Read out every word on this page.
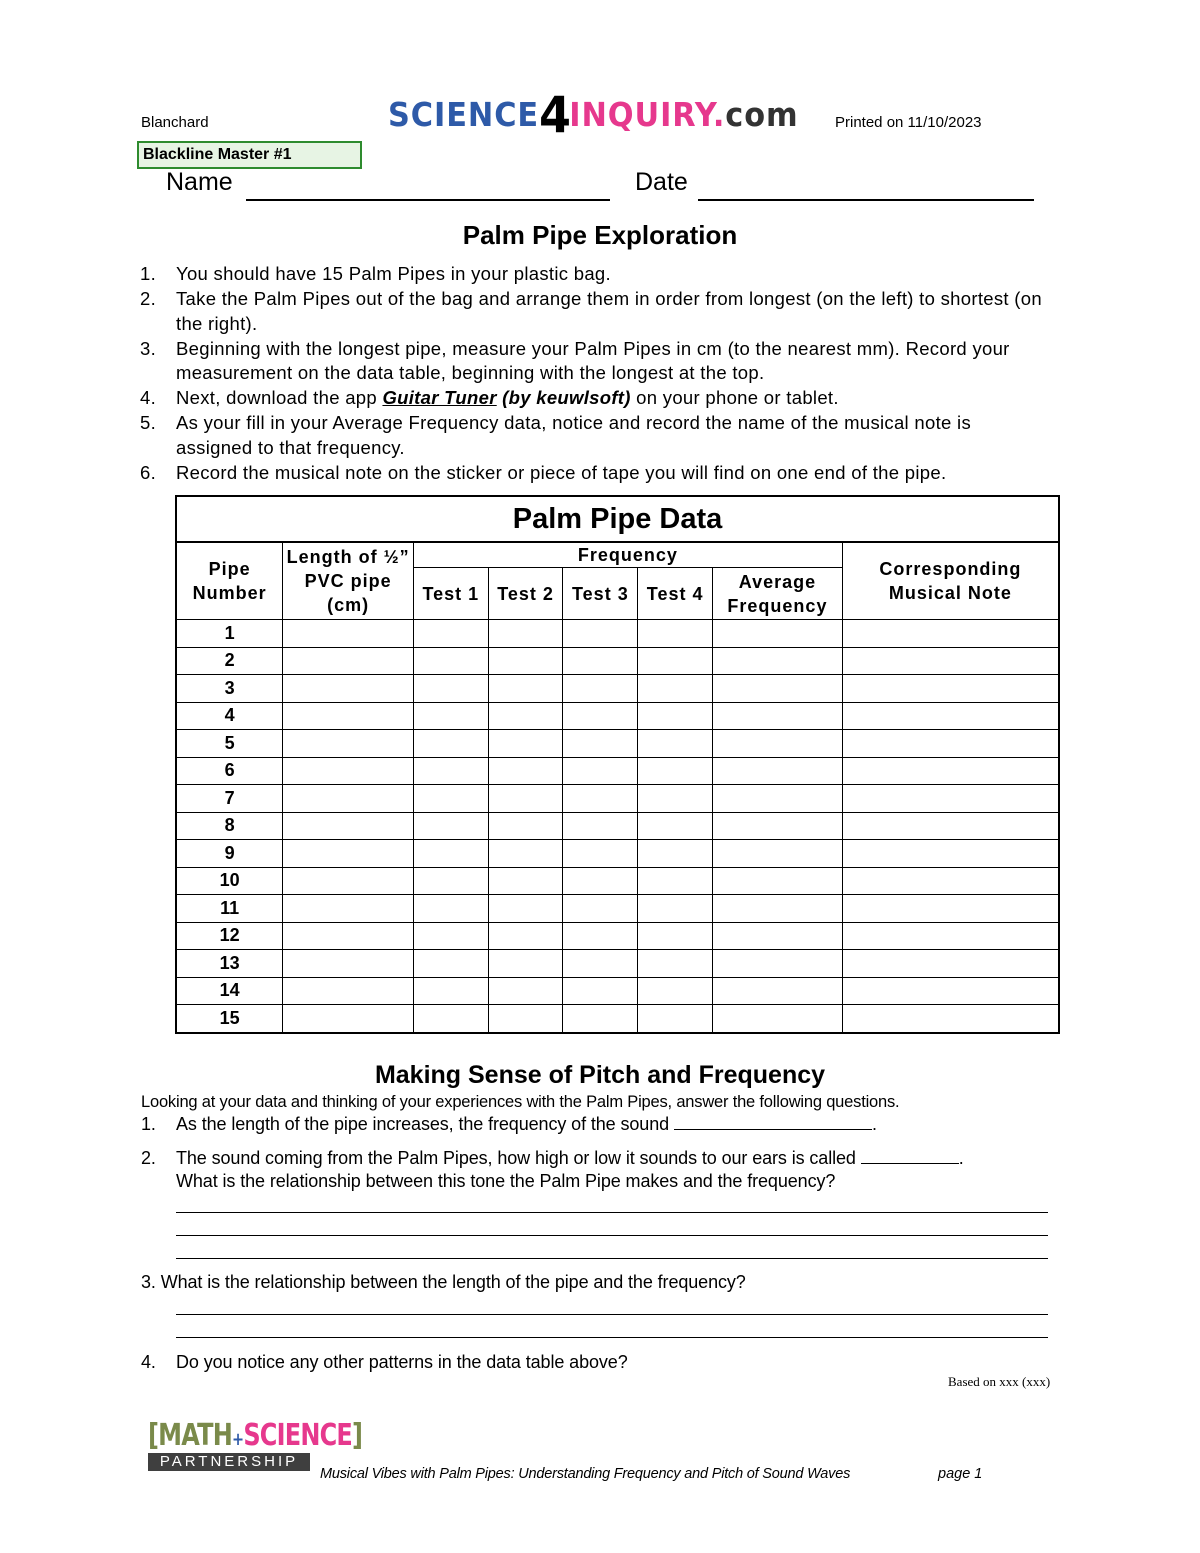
Blanchard	SCIENCE4INQUIRY.com Printed on 11/10/2023
Blackline Master #1
Name	Date
Palm Pipe Exploration
1. You should have 15 Palm Pipes in your plastic bag.
2. Take the Palm Pipes out of the bag and arrange them in order from longest (on the left) to shortest (on the right).
3. Beginning with the longest pipe, measure your Palm Pipes in cm (to the nearest mm). Record your measurement on the data table, beginning with the longest at the top.
4. Next, download the app Guitar Tuner (by keuwlsoft) on your phone or tablet.
5. As your fill in your Average Frequency data, notice and record the name of the musical note is assigned to that frequency.
6. Record the musical note on the sticker or piece of tape you will find on one end of the pipe.
Palm Pipe Data							
Pipe Number	Length of ½” PVC pipe (cm)	Frequency					Corresponding Musical Note
		Test 1	Test 2	Test 3	Test 4	Average Frequency	
1							
2							
3							
4							
5							
6							
7							
8							
9							
10							
11							
12							
13							
14							
15							
Making Sense of Pitch and Frequency
Looking at your data and thinking of your experiences with the Palm Pipes, answer the following questions.
1. As the length of the pipe increases, the frequency of the sound	.
2. The sound coming from the Palm Pipes, how high or low it sounds to our ears is called	.
What is the relationship between this tone the Palm Pipe makes and the frequency?
3. What is the relationship between the length of the pipe and the frequency?
4. Do you notice any other patterns in the data table above?
Based on xxx (xxx)
[MATH+SCIENCE]
PARTNERSHIP
Musical Vibes with Palm Pipes: Understanding Frequency and Pitch of Sound Waves	page 1
